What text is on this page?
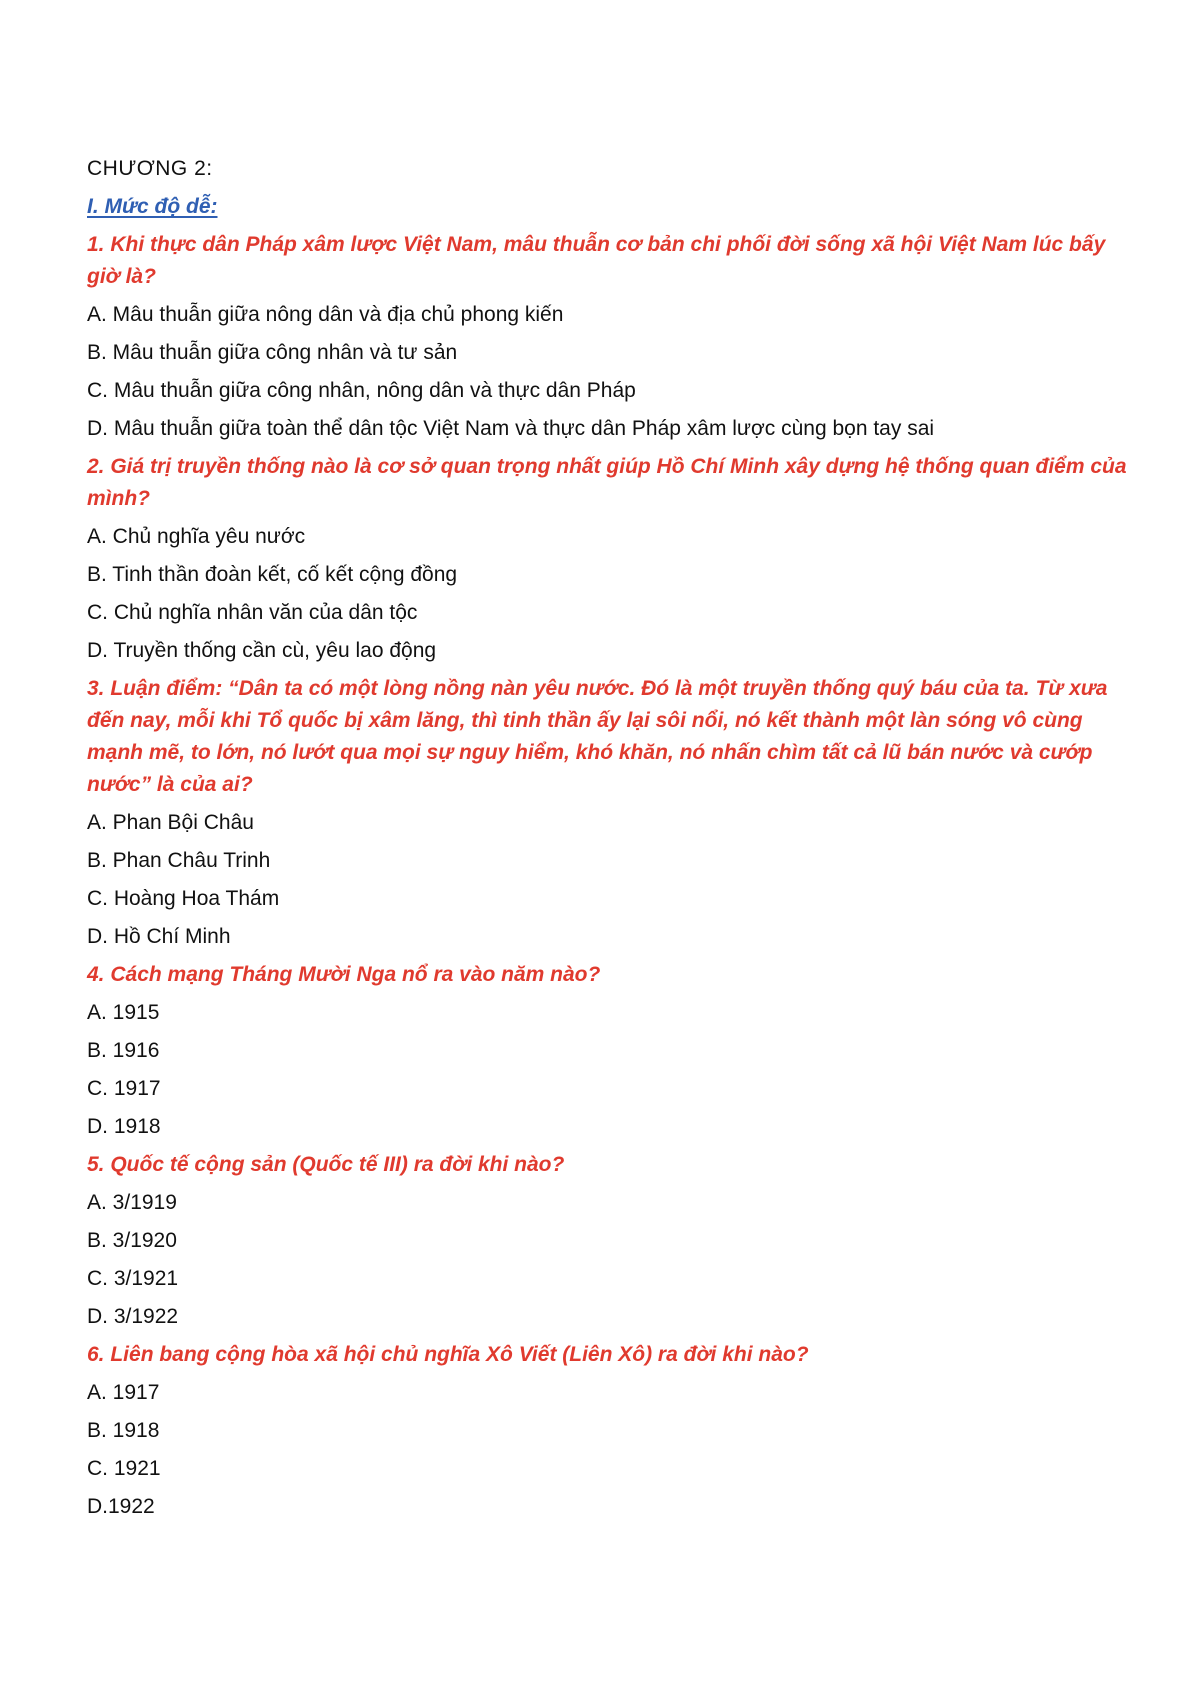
CHƯƠNG 2:

I. Mức độ dễ:

1. Khi thực dân Pháp xâm lược Việt Nam, mâu thuẫn cơ bản chi phối đời sống xã hội Việt Nam lúc bấy giờ là?

A. Mâu thuẫn giữa nông dân và địa chủ phong kiến

B. Mâu thuẫn giữa công nhân và tư sản

C. Mâu thuẫn giữa công nhân, nông dân và thực dân Pháp

D. Mâu thuẫn giữa toàn thể dân tộc Việt Nam và thực dân Pháp xâm lược cùng bọn tay sai

2. Giá trị truyền thống nào là cơ sở quan trọng nhất giúp Hồ Chí Minh xây dựng hệ thống quan điểm của mình?

A. Chủ nghĩa yêu nước

B. Tinh thần đoàn kết, cố kết cộng đồng

C. Chủ nghĩa nhân văn của dân tộc

D. Truyền thống cần cù, yêu lao động

3. Luận điểm: “Dân ta có một lòng nồng nàn yêu nước. Đó là một truyền thống quý báu của ta. Từ xưa đến nay, mỗi khi Tổ quốc bị xâm lăng, thì tinh thần ấy lại sôi nổi, nó kết thành một làn sóng vô cùng mạnh mẽ, to lớn, nó lướt qua mọi sự nguy hiểm, khó khăn, nó nhấn chìm tất cả lũ bán nước và cướp nước” là của ai?

A. Phan Bội Châu

B. Phan Châu Trinh

C. Hoàng Hoa Thám

D. Hồ Chí Minh

4. Cách mạng Tháng Mười Nga nổ ra vào năm nào?

A. 1915

B. 1916

C. 1917

D. 1918

5. Quốc tế cộng sản (Quốc tế III) ra đời khi nào?

A. 3/1919

B. 3/1920

C. 3/1921

D. 3/1922

6. Liên bang cộng hòa xã hội chủ nghĩa Xô Viết (Liên Xô) ra đời khi nào?

A. 1917

B. 1918

C. 1921

D.1922
